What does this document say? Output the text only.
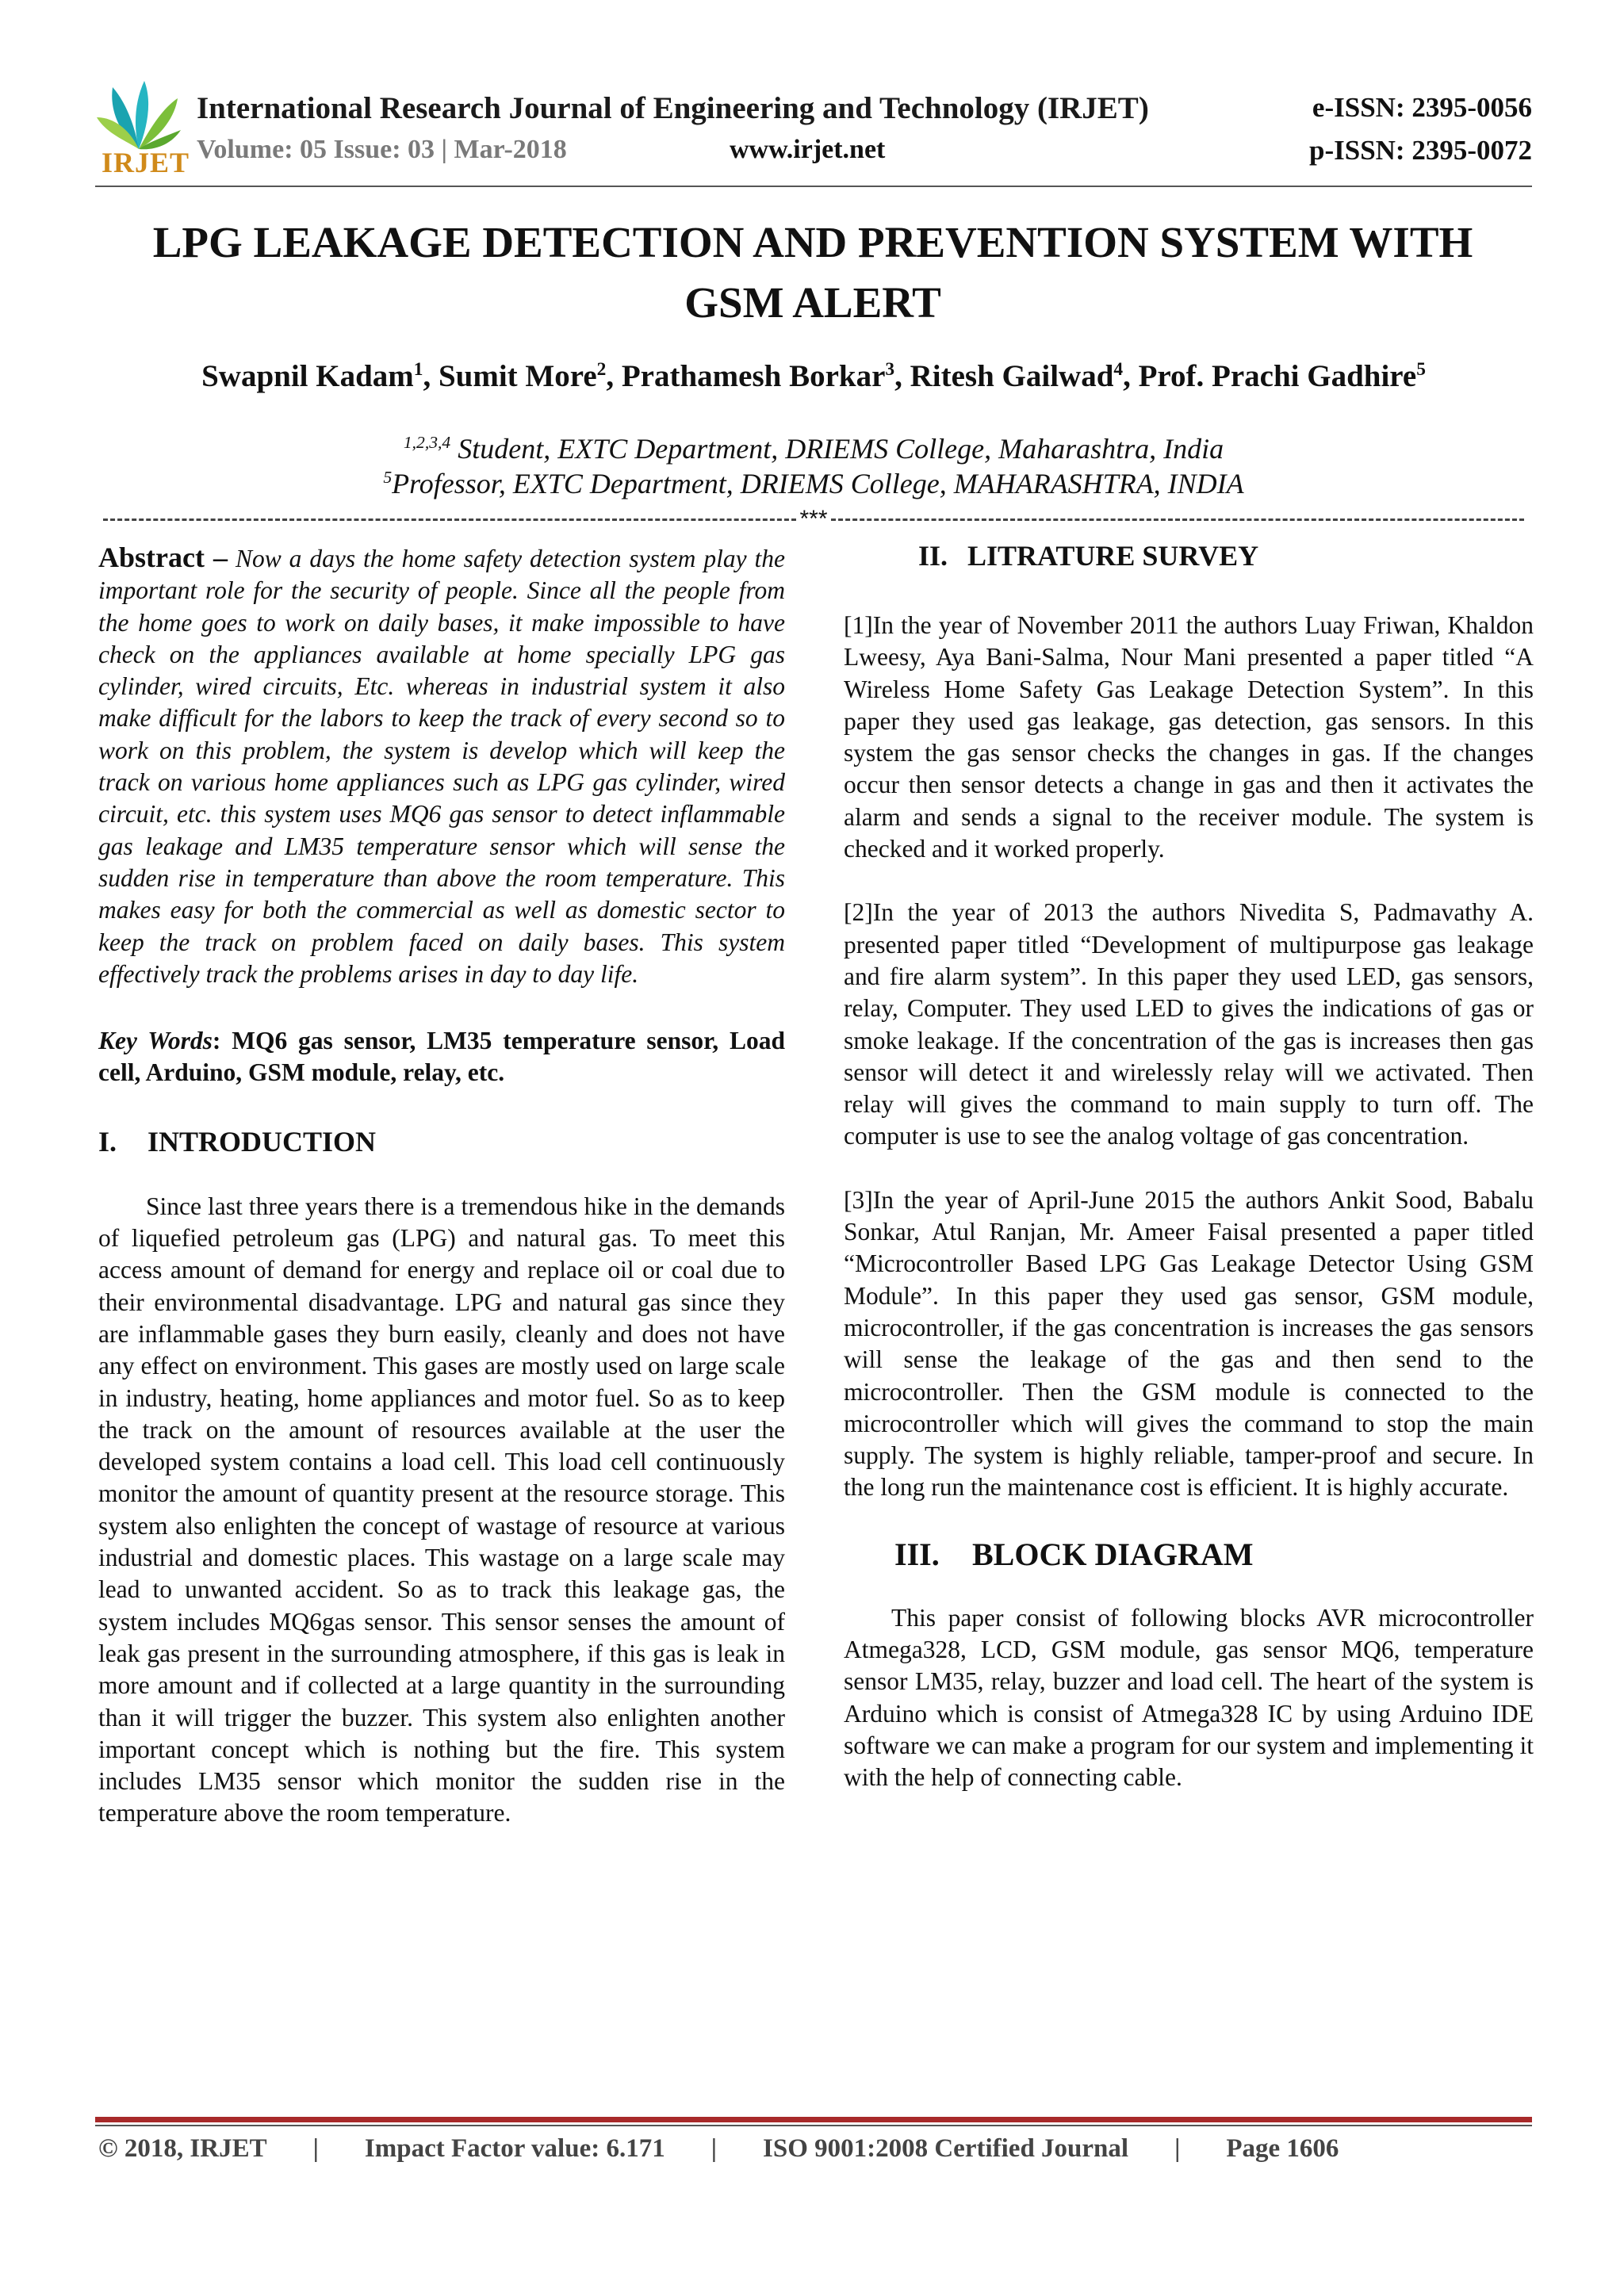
IRJET
International Research Journal of Engineering and Technology (IRJET)	e-ISSN: 2395-0056
Volume: 05 Issue: 03 | Mar-2018	www.irjet.net	p-ISSN: 2395-0072
LPG LEAKAGE DETECTION AND PREVENTION SYSTEM WITH GSM ALERT
Swapnil Kadam$^1$, Sumit More$^2$, Prathamesh Borkar$^3$, Ritesh Gailwad$^4$, Prof. Prachi Gadhire$^5$
$^{1,2,3,4}$ Student, EXTC Department, DRIEMS College, Maharashtra, India
$^5$Professor, EXTC Department, DRIEMS College, MAHARASHTRA, INDIA
***

Abstract – Now a days the home safety detection system play the important role for the security of people. Since all the people from the home goes to work on daily bases, it make impossible to have check on the appliances available at home specially LPG gas cylinder, wired circuits, Etc. whereas in industrial system it also make difficult for the labors to keep the track of every second so to work on this problem, the system is develop which will keep the track on various home appliances such as LPG gas cylinder, wired circuit, etc. this system uses MQ6 gas sensor to detect inflammable gas leakage and LM35 temperature sensor which will sense the sudden rise in temperature than above the room temperature. This makes easy for both the commercial as well as domestic sector to keep the track on problem faced on daily bases. This system effectively track the problems arises in day to day life.

Key Words: MQ6 gas sensor, LM35 temperature sensor, Load cell, Arduino, GSM module, relay, etc.

I. INTRODUCTION

Since last three years there is a tremendous hike in the demands of liquefied petroleum gas (LPG) and natural gas. To meet this access amount of demand for energy and replace oil or coal due to their environmental disadvantage. LPG and natural gas since they are inflammable gases they burn easily, cleanly and does not have any effect on environment. This gases are mostly used on large scale in industry, heating, home appliances and motor fuel. So as to keep the track on the amount of resources available at the user the developed system contains a load cell. This load cell continuously monitor the amount of quantity present at the resource storage. This system also enlighten the concept of wastage of resource at various industrial and domestic places. This wastage on a large scale may lead to unwanted accident. So as to track this leakage gas, the system includes MQ6gas sensor. This sensor senses the amount of leak gas present in the surrounding atmosphere, if this gas is leak in more amount and if collected at a large quantity in the surrounding than it will trigger the buzzer. This system also enlighten another important concept which is nothing but the fire. This system includes LM35 sensor which monitor the sudden rise in the temperature above the room temperature.

II. LITRATURE SURVEY

[1]In the year of November 2011 the authors Luay Friwan, Khaldon Lweesy, Aya Bani-Salma, Nour Mani presented a paper titled “A Wireless Home Safety Gas Leakage Detection System”. In this paper they used gas leakage, gas detection, gas sensors. In this system the gas sensor checks the changes in gas. If the changes occur then sensor detects a change in gas and then it activates the alarm and sends a signal to the receiver module. The system is checked and it worked properly.

[2]In the year of 2013 the authors Nivedita S, Padmavathy A. presented paper titled “Development of multipurpose gas leakage and fire alarm system”. In this paper they used LED, gas sensors, relay, Computer. They used LED to gives the indications of gas or smoke leakage. If the concentration of the gas is increases then gas sensor will detect it and wirelessly relay will we activated. Then relay will gives the command to main supply to turn off. The computer is use to see the analog voltage of gas concentration.

[3]In the year of April-June 2015 the authors Ankit Sood, Babalu Sonkar, Atul Ranjan, Mr. Ameer Faisal presented a paper titled “Microcontroller Based LPG Gas Leakage Detector Using GSM Module”. In this paper they used gas sensor, GSM module, microcontroller, if the gas concentration is increases the gas sensors will sense the leakage of the gas and then send to the microcontroller. Then the GSM module is connected to the microcontroller which will gives the command to stop the main supply. The system is highly reliable, tamper-proof and secure. In the long run the maintenance cost is efficient. It is highly accurate.

III. BLOCK DIAGRAM

This paper consist of following blocks AVR microcontroller Atmega328, LCD, GSM module, gas sensor MQ6, temperature sensor LM35, relay, buzzer and load cell. The heart of the system is Arduino which is consist of Atmega328 IC by using Arduino IDE software we can make a program for our system and implementing it with the help of connecting cable.

© 2018, IRJET | Impact Factor value: 6.171 | ISO 9001:2008 Certified Journal | Page 1606
